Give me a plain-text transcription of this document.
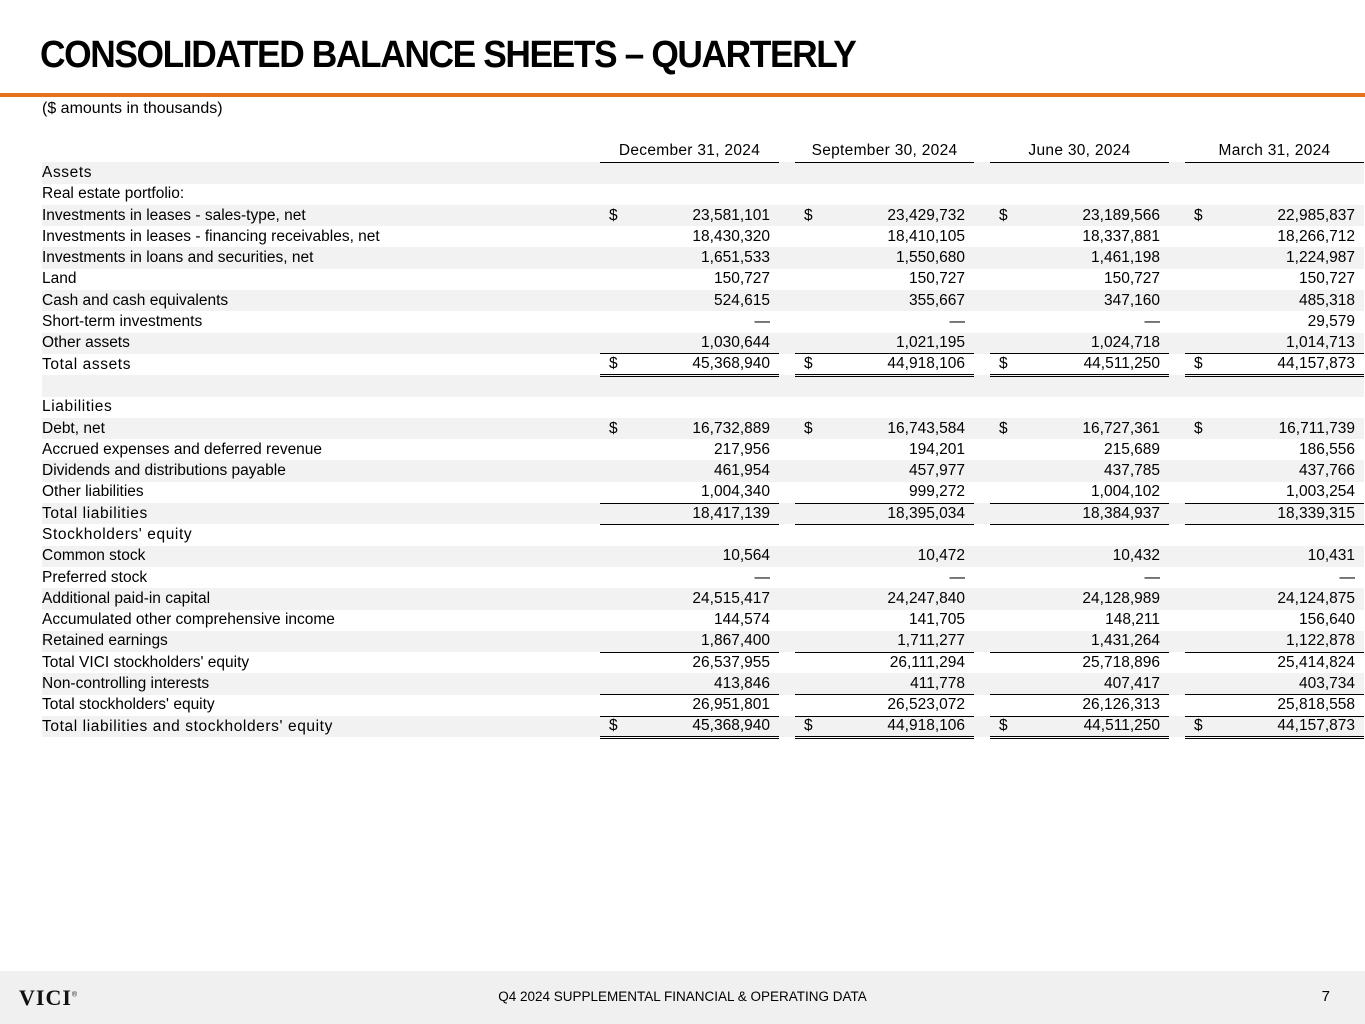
CONSOLIDATED BALANCE SHEETS – QUARTERLY
($ amounts in thousands)
	December 31, 2024		September 30, 2024		June 30, 2024		March 31, 2024
Assets							
Real estate portfolio:							
Investments in leases - sales-type, net	$ 23,581,101		$ 23,429,732		$ 23,189,566		$ 22,985,837

Investments in leases - financing receivables, net	18,430,320		18,410,105		18,337,881		18,266,712

Investments in loans and securities, net	1,651,533		1,550,680		1,461,198		1,224,987

Land	150,727		150,727		150,727		150,727

Cash and cash equivalents	524,615		355,667		347,160		485,318

Short-term investments	—		—		—		29,579

Other assets	1,030,644		1,021,195		1,024,718		1,014,713

Total assets	$ 45,368,940		$ 44,918,106		$ 44,511,250		$ 44,157,873

Liabilities							
Debt, net	$ 16,732,889		$ 16,743,584		$ 16,727,361		$ 16,711,739

Accrued expenses and deferred revenue	217,956		194,201		215,689		186,556

Dividends and distributions payable	461,954		457,977		437,785		437,766

Other liabilities	1,004,340		999,272		1,004,102		1,003,254

Total liabilities	18,417,139		18,395,034		18,384,937		18,339,315

Stockholders' equity							
Common stock	10,564		10,472		10,432		10,431

Preferred stock	—		—		—		—

Additional paid-in capital	24,515,417		24,247,840		24,128,989		24,124,875

Accumulated other comprehensive income	144,574		141,705		148,211		156,640

Retained earnings	1,867,400		1,711,277		1,431,264		1,122,878

Total VICI stockholders' equity	26,537,955		26,111,294		25,718,896		25,414,824

Non-controlling interests	413,846		411,778		407,417		403,734

Total stockholders' equity	26,951,801		26,523,072		26,126,313		25,818,558

Total liabilities and stockholders' equity	$ 45,368,940		$ 44,918,106		$ 44,511,250		$ 44,157,873
VICI®	Q4 2024 SUPPLEMENTAL FINANCIAL & OPERATING DATA	7
